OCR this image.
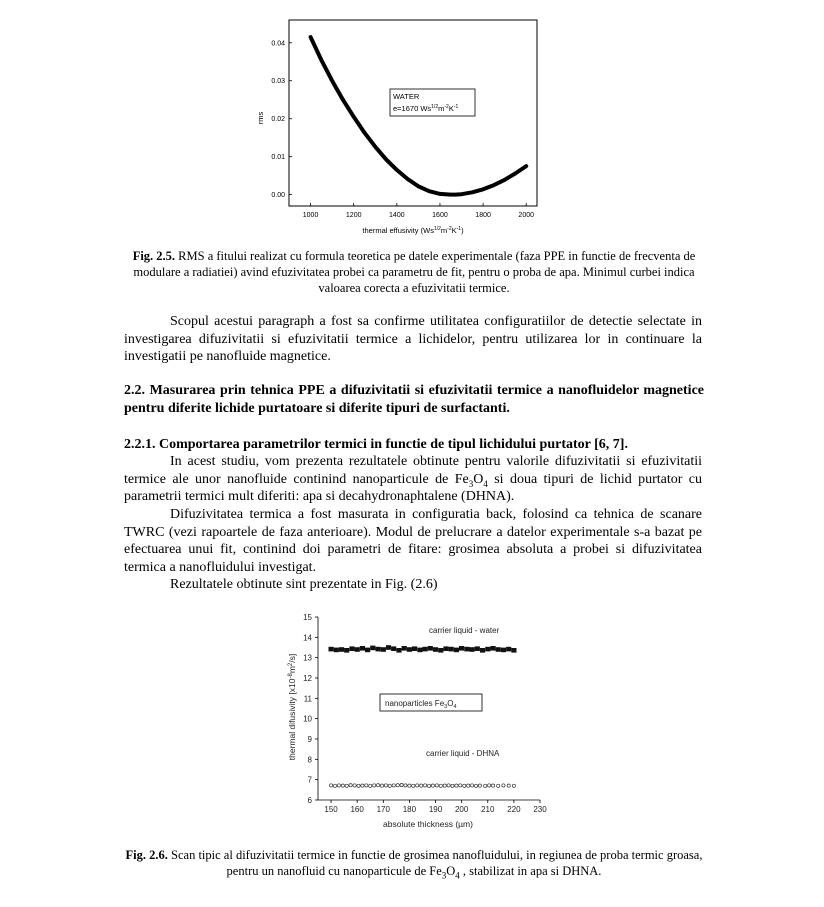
1000	1200	1400	1600	1800	2000
0.00
0.01
0.02
0.03
0.04
rms
thermal effusivity $(Ws^{1/2}m^{-2}K^{-1})$
WATER
e=1670 $Ws^{1/2}m^{-2}K^{-1}$
Fig. 2.5. RMS a fitului realizat cu formula teoretica pe datele experimentale (faza PPE in functie de frecventa de modulare a radiatiei) avind efuzivitatea probei ca parametru de fit, pentru o proba de apa. Minimul curbei indica valoarea corecta a efuzivitatii termice.
Scopul acestui paragraph a fost sa confirme utilitatea configuratiilor de detectie selectate in investigarea difuzivitatii si efuzivitatii termice a lichidelor, pentru utilizarea lor in continuare la investigatii pe nanofluide magnetice.
2.2. Masurarea prin tehnica PPE a difuzivitatii si efuzivitatii termice a nanofluidelor magnetice pentru diferite lichide purtatoare si diferite tipuri de surfactanti.
2.2.1. Comportarea parametrilor termici in functie de tipul lichidului purtator [6, 7].
In acest studiu, vom prezenta rezultatele obtinute pentru valorile difuzivitatii si efuzivitatii termice ale unor nanofluide continind nanoparticule de $Fe_3O_4$ si doua tipuri de lichid purtator cu parametrii termici mult diferiti: apa si decahydronaphtalene (DHNA).
Difuzivitatea termica a fost masurata in configuratia back, folosind ca tehnica de scanare TWRC (vezi rapoartele de faza anterioare). Modul de prelucrare a datelor experimentale s-a bazat pe efectuarea unui fit, continind doi parametri de fitare: grosimea absoluta a probei si difuzivitatea termica a nanofluidului investigat.
Rezultatele obtinute sint prezentate in Fig. (2.6)
150 160 170 180 190 200 210 220 230
6
7
8
9
10
11
12
13
14
15
thermal difusivity $[x10^{-8}m^2/s]$
absolute thickness (µm)
carrier liquid - water
carrier liquid - DHNA
nanoparticles $Fe_3O_4$
Fig. 2.6. Scan tipic al difuzivitatii termice in functie de grosimea nanofluidului, in regiunea de proba termic groasa, pentru un nanofluid cu nanoparticule de $Fe_3O_4$ , stabilizat in apa si DHNA.
